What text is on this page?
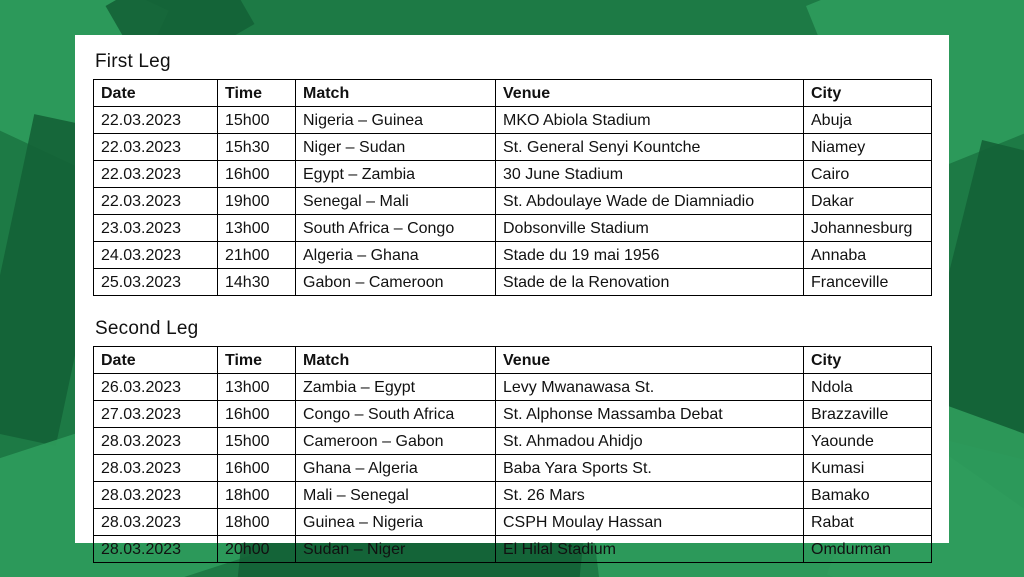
First Leg
Date	Time	Match	Venue	City
22.03.2023	15h00	Nigeria – Guinea	MKO Abiola Stadium	Abuja
22.03.2023	15h30	Niger – Sudan	St. General Senyi Kountche	Niamey
22.03.2023	16h00	Egypt – Zambia	30 June Stadium	Cairo
22.03.2023	19h00	Senegal – Mali	St. Abdoulaye Wade de Diamniadio	Dakar
23.03.2023	13h00	South Africa – Congo	Dobsonville Stadium	Johannesburg
24.03.2023	21h00	Algeria – Ghana	Stade du 19 mai 1956	Annaba
25.03.2023	14h30	Gabon – Cameroon	Stade de la Renovation	Franceville
Second Leg
Date	Time	Match	Venue	City
26.03.2023	13h00	Zambia – Egypt	Levy Mwanawasa St.	Ndola
27.03.2023	16h00	Congo – South Africa	St. Alphonse Massamba Debat	Brazzaville
28.03.2023	15h00	Cameroon – Gabon	St. Ahmadou Ahidjo	Yaounde
28.03.2023	16h00	Ghana – Algeria	Baba Yara Sports St.	Kumasi
28.03.2023	18h00	Mali – Senegal	St. 26 Mars	Bamako
28.03.2023	18h00	Guinea – Nigeria	CSPH Moulay Hassan	Rabat
28.03.2023	20h00	Sudan – Niger	El Hilal Stadium	Omdurman
